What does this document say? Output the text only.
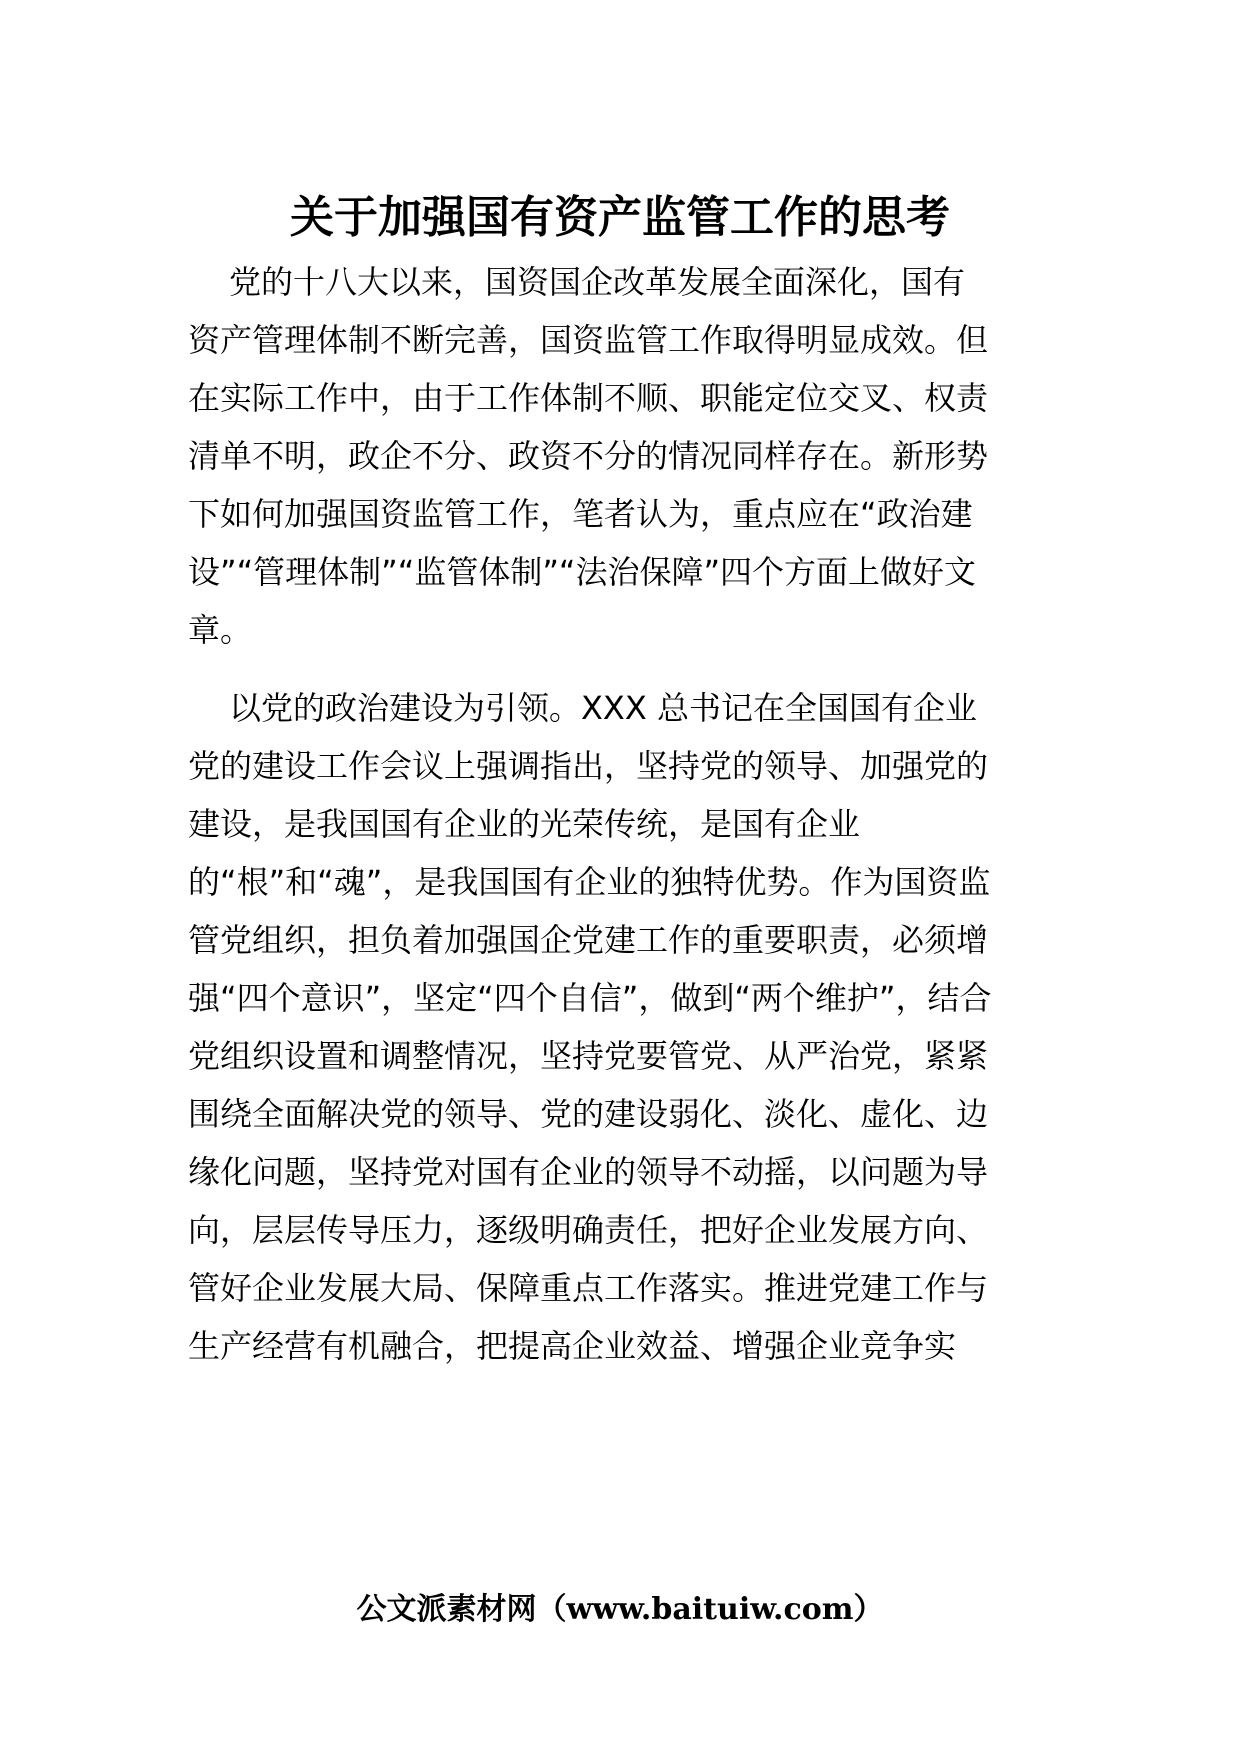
关于加强国有资产监管工作的思考
党的十八大以来，国资国企改革发展全面深化，国有
资产管理体制不断完善，国资监管工作取得明显成效。但
在实际工作中，由于工作体制不顺、职能定位交叉、权责
清单不明，政企不分、政资不分的情况同样存在。新形势
下如何加强国资监管工作，笔者认为，重点应在“政治建
设”“管理体制”“监管体制”“法治保障”四个方面上做好文
章。
以党的政治建设为引领。XXX 总书记在全国国有企业
党的建设工作会议上强调指出，坚持党的领导、加强党的
建设，是我国国有企业的光荣传统，是国有企业
的“根”和“魂”，是我国国有企业的独特优势。作为国资监
管党组织，担负着加强国企党建工作的重要职责，必须增
强“四个意识”，坚定“四个自信”，做到“两个维护”，结合
党组织设置和调整情况，坚持党要管党、从严治党，紧紧
围绕全面解决党的领导、党的建设弱化、淡化、虚化、边
缘化问题，坚持党对国有企业的领导不动摇，以问题为导
向，层层传导压力，逐级明确责任，把好企业发展方向、
管好企业发展大局、保障重点工作落实。推进党建工作与
生产经营有机融合，把提高企业效益、增强企业竞争实
公文派素材网（www.baituiw.com）
